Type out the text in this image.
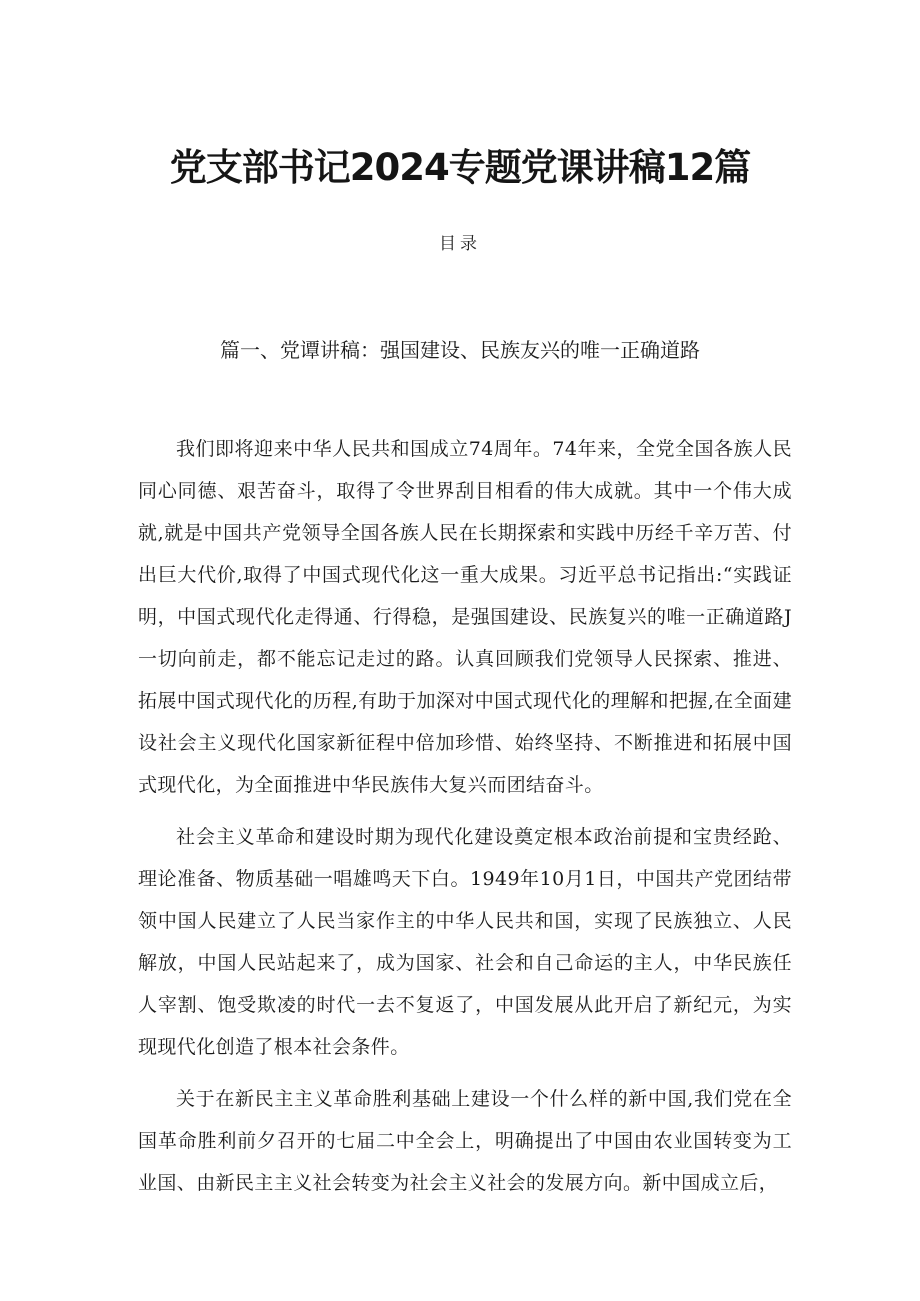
党支部书记2024专题党课讲稿12篇
目录
篇一、党谭讲稿：强国建设、民族友兴的唯一正确道路

我们即将迎来中华人民共和国成立74周年。74年来，全党全国各族人民同心同德、艰苦奋斗，取得了令世界刮目相看的伟大成就。其中一个伟大成就,就是中国共产党领导全国各族人民在长期探索和实践中历经千辛万苦、付出巨大代价,取得了中国式现代化这一重大成果。习近平总书记指出:“实践证明，中国式现代化走得通、行得稳，是强国建设、民族复兴的唯一正确道路J一切向前走，都不能忘记走过的路。认真回顾我们党领导人民探索、推进、拓展中国式现代化的历程,有助于加深对中国式现代化的理解和把握,在全面建设社会主义现代化国家新征程中倍加珍惜、始终坚持、不断推进和拓展中国式现代化，为全面推进中华民族伟大复兴而团结奋斗。

社会主义革命和建设时期为现代化建设奠定根本政治前提和宝贵经跄、理论准备、物质基础一唱雄鸣天下白。1949年10月1日，中国共产党团结带领中国人民建立了人民当家作主的中华人民共和国，实现了民族独立、人民解放，中国人民站起来了，成为国家、社会和自己命运的主人，中华民族任人宰割、饱受欺凌的时代一去不复返了，中国发展从此开启了新纪元，为实现现代化创造了根本社会条件。

关于在新民主主义革命胜利基础上建设一个什么样的新中国,我们党在全国革命胜利前夕召开的七届二中全会上，明确提出了中国由农业国转变为工业国、由新民主主义社会转变为社会主义社会的发展方向。新中国成立后，
